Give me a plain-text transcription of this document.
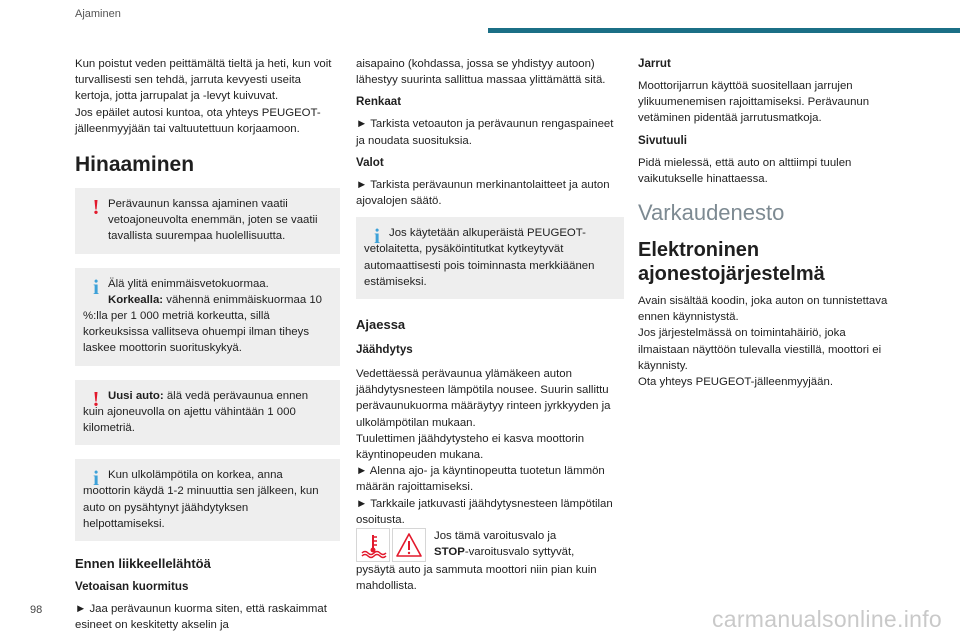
Ajaminen

Kun poistut veden peittämältä tieltä ja heti, kun voit turvallisesti sen tehdä, jarruta kevyesti useita kertoja, jotta jarrupalat ja -levyt kuivuvat.

Jos epäilet autosi kuntoa, ota yhteys PEUGEOT-jälleenmyyjään tai valtuutettuun korjaamoon.

Hinaaminen
! Perävaunun kanssa ajaminen vaatii vetoajoneuvolta enemmän, joten se vaatii tavallista suurempaa huolellisuutta.

i Älä ylitä enimmäisvetokuormaa.

Korkealla: vähennä enimmäiskuormaa 10 %:lla per 1 000 metriä korkeutta, sillä korkeuksissa vallitseva ohuempi ilman tiheys laskee moottorin suorituskykyä.

! Uusi auto: älä vedä perävaunua ennen kuin ajoneuvolla on ajettu vähintään 1 000 kilometriä.

i Kun ulkolämpötila on korkea, anna moottorin käydä 1-2 minuuttia sen jälkeen, kun auto on pysähtynyt jäähdytyksen helpottamiseksi.

Ennen liikkeellelähtöä
Vetoaisan kuormitus

► Jaa perävaunun kuorma siten, että raskaimmat esineet on keskitetty akselin ja

aisapaino (kohdassa, jossa se yhdistyy autoon) lähestyy suurinta sallittua massaa ylittämättä sitä.

Renkaat

► Tarkista vetoauton ja perävaunun rengaspaineet ja noudata suosituksia.

Valot

► Tarkista perävaunun merkinantolaitteet ja auton ajovalojen säätö.

i Jos käytetään alkuperäistä PEUGEOT-vetolaitetta, pysäköintitutkat kytkeytyvät automaattisesti pois toiminnasta merkkiäänen estämiseksi.

Ajaessa
Jäähdytys

Vedettäessä perävaunua ylämäkeen auton jäähdytysnesteen lämpötila nousee. Suurin sallittu perävaunukuorma määräytyy rinteen jyrkkyyden ja ulkolämpötilan mukaan.

Tuulettimen jäähdytysteho ei kasva moottorin käyntinopeuden mukana.

► Alenna ajo- ja käyntinopeutta tuotetun lämmön määrän rajoittamiseksi.

► Tarkkaile jatkuvasti jäähdytysnesteen lämpötilan osoitusta.

Jos tämä varoitusvalo ja

STOP-varoitusvalo syttyvät,

pysäytä auto ja sammuta moottori niin pian kuin mahdollista.

Jarrut

Moottorijarrun käyttöä suositellaan jarrujen ylikuumenemisen rajoittamiseksi. Perävaunun vetäminen pidentää jarrutusmatkoja.

Sivutuuli

Pidä mielessä, että auto on alttiimpi tuulen vaikutukselle hinattaessa.

Varkaudenesto
Elektroninen ajonestojärjestelmä

Avain sisältää koodin, joka auton on tunnistettava ennen käynnistystä.

Jos järjestelmässä on toimintahäiriö, joka ilmaistaan näyttöön tulevalla viestillä, moottori ei käynnisty.

Ota yhteys PEUGEOT-jälleenmyyjään.

98	carmanualsonline.info
